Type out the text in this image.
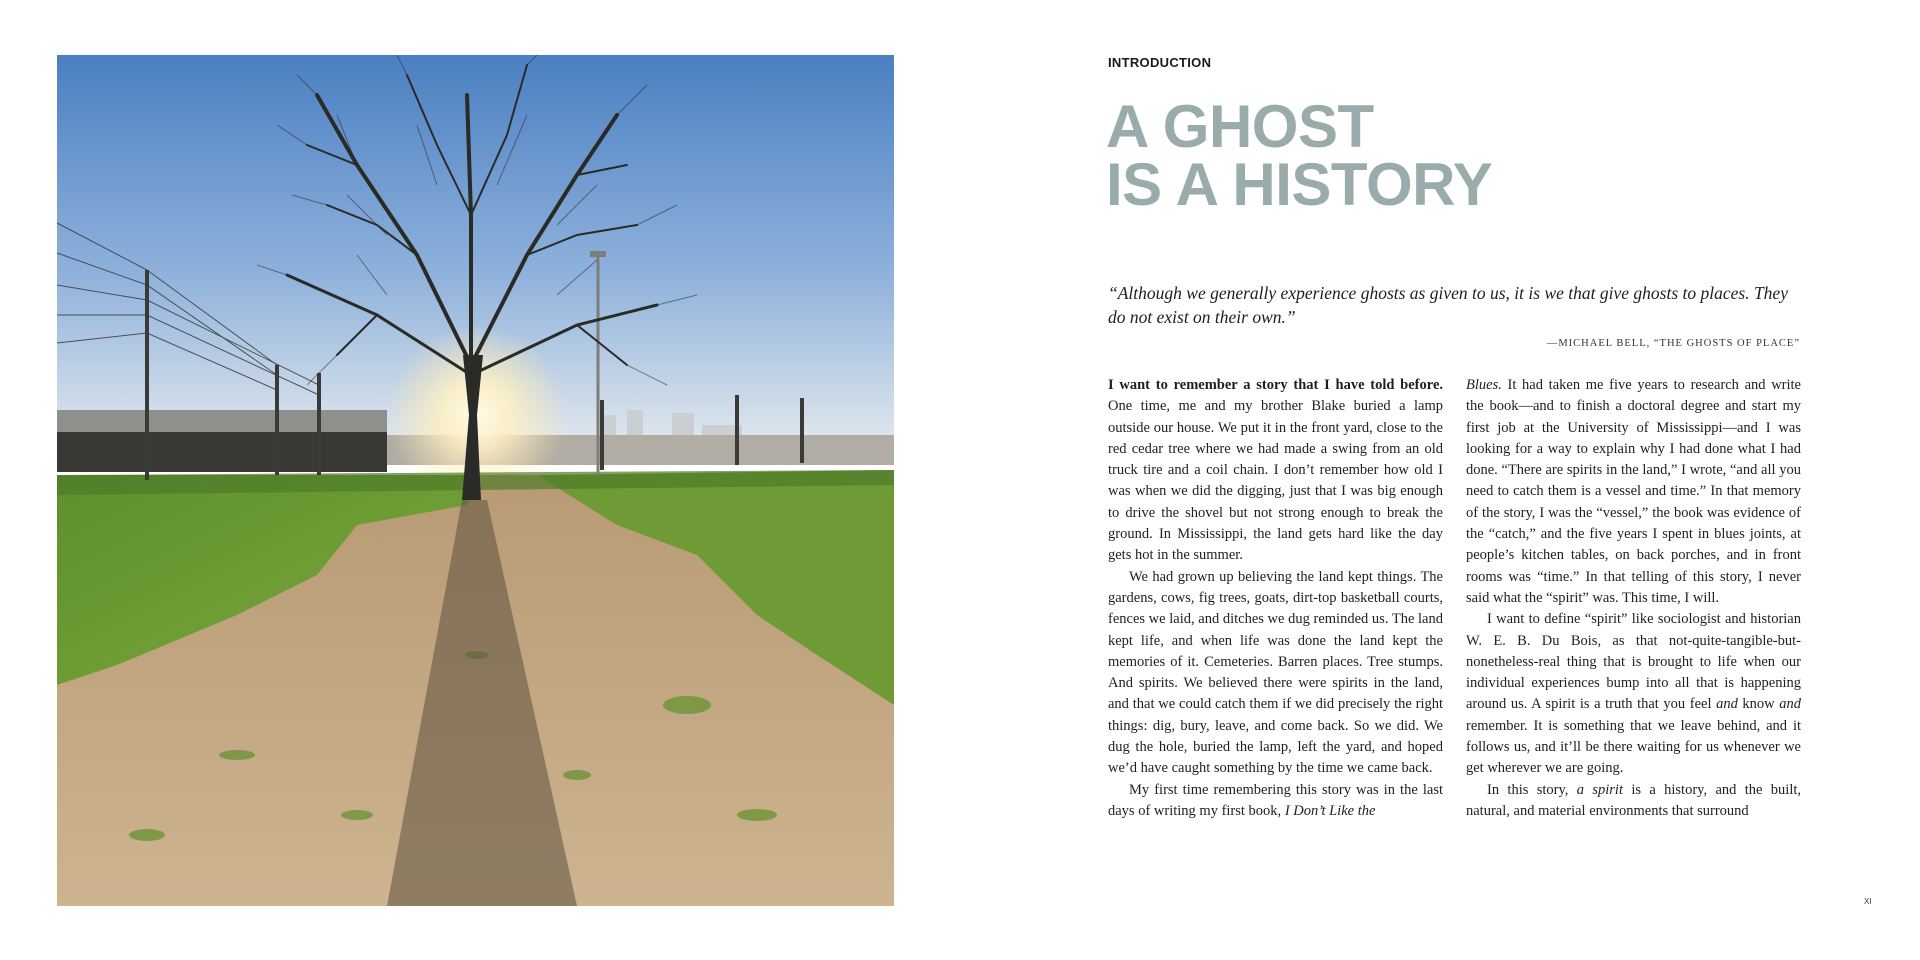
INTRODUCTION
A GHOST
IS A HISTORY

“Although we generally experience ghosts as given to us, it is we that give ghosts to places. They do not exist on their own.”

—MICHAEL BELL, “THE GHOSTS OF PLACE”

I want to remember a story that I have told before. One time, me and my brother Blake buried a lamp outside our house. We put it in the front yard, close to the red cedar tree where we had made a swing from an old truck tire and a coil chain. I don’t remember how old I was when we did the digging, just that I was big enough to drive the shovel but not strong enough to break the ground. In Mississippi, the land gets hard like the day gets hot in the summer.

We had grown up believing the land kept things. The gardens, cows, fig trees, goats, dirt-top basketball courts, fences we laid, and ditches we dug reminded us. The land kept life, and when life was done the land kept the memories of it. Cemeteries. Barren places. Tree stumps. And spirits. We believed there were spirits in the land, and that we could catch them if we did precisely the right things: dig, bury, leave, and come back. So we did. We dug the hole, buried the lamp, left the yard, and hoped we’d have caught something by the time we came back.

My first time remembering this story was in the last days of writing my first book, I Don’t Like the

Blues. It had taken me five years to research and write the book—and to finish a doctoral degree and start my first job at the University of Mississippi—and I was looking for a way to explain why I had done what I had done. “There are spirits in the land,” I wrote, “and all you need to catch them is a vessel and time.” In that memory of the story, I was the “vessel,” the book was evidence of the “catch,” and the five years I spent in blues joints, at people’s kitchen tables, on back porches, and in front rooms was “time.” In that telling of this story, I never said what the “spirit” was. This time, I will.

I want to define “spirit” like sociologist and historian W. E. B. Du Bois, as that not-quite-tangible-but-nonetheless-real thing that is brought to life when our individual experiences bump into all that is happening around us. A spirit is a truth that you feel and know and remember. It is something that we leave behind, and it follows us, and it’ll be there waiting for us whenever we get wherever we are going.

In this story, a spirit is a history, and the built, natural, and material environments that surround

XI
